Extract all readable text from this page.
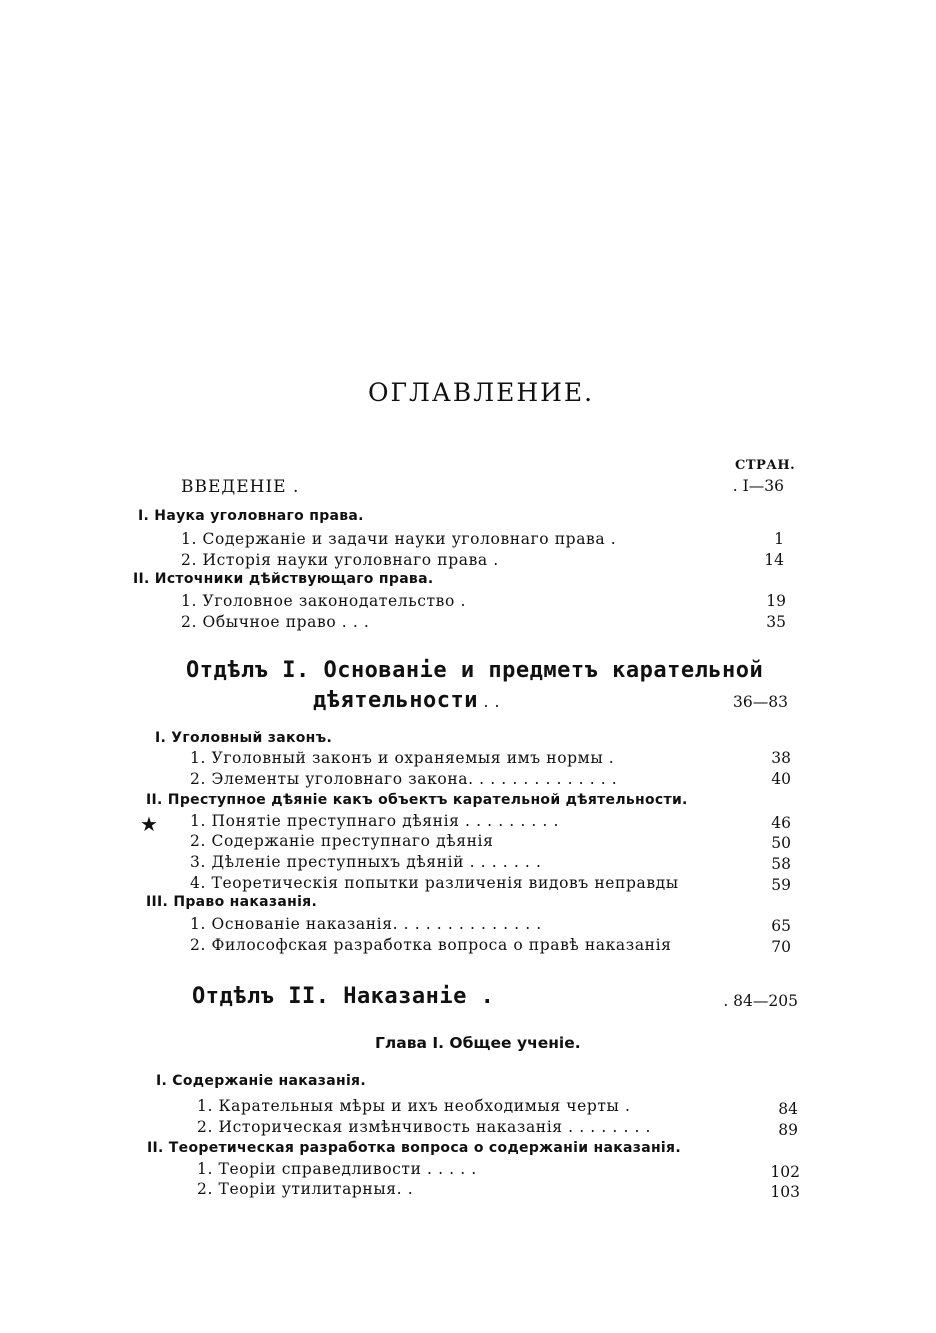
ОГЛАВЛЕНИЕ.
СТРАН.
ВВЕДЕНІЕ .	. I—36
I. Наука уголовнаго права.
1. Содержаніе и задачи науки уголовнаго права .	1
2. Исторія науки уголовнаго права .	14
II. Источники дѣйствующаго права.
1. Уголовное законодательство .	19
2. Обычное право . . .	35
Отдѣлъ I. Основаніе и предметъ карательной
дѣятельности . .	36—83
I. Уголовный законъ.
1. Уголовный законъ и охраняемыя имъ нормы .	38
2. Элементы уголовнаго закона. . . . . . . . . . . . . .	40
II. Преступное дѣяніе какъ объектъ карательной дѣятельности.
★ 1. Понятіе преступнаго дѣянія . . . . . . . . .	46
2. Содержаніе преступнаго дѣянія	50
3. Дѣленіе преступныхъ дѣяній . . . . . . .	58
4. Теоретическія попытки различенія видовъ неправды	59
III. Право наказанія.
1. Основаніе наказанія. . . . . . . . . . . . . .	65
2. Философская разработка вопроса о правѣ наказанія	70
Отдѣлъ II. Наказаніе .	. 84—205
Глава I. Общее ученіе.
I. Содержаніе наказанія.
1. Карательныя мѣры и ихъ необходимыя черты .	84
2. Историческая измѣнчивость наказанія . . . . . . . .	89
II. Теоретическая разработка вопроса о содержаніи наказанія.
1. Теоріи справедливости . . . . .	102
2. Теоріи утилитарныя. .	103
